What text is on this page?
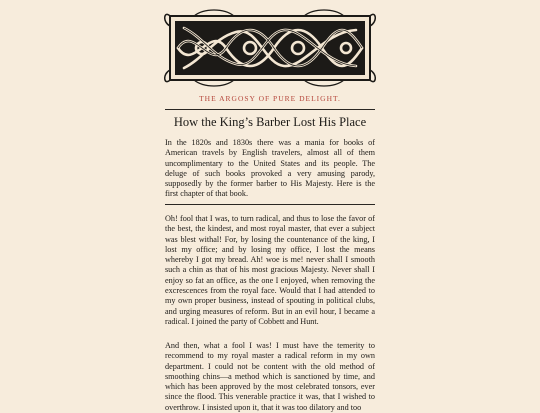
THE ARGOSY OF PURE DELIGHT.
How the King’s Barber Lost His Place

In the 1820s and 1830s there was a mania for books of American travels by English travelers, almost all of them uncomplimentary to the United States and its people. The deluge of such books provoked a very amusing parody, supposedly by the former barber to His Majesty. Here is the first chapter of that book.

Oh! fool that I was, to turn radical, and thus to lose the favor of the best, the kindest, and most royal master, that ever a subject was blest withal! For, by losing the countenance of the king, I lost my office; and by losing my office, I lost the means whereby I got my bread. Ah! woe is me! never shall I smooth such a chin as that of his most gracious Majesty. Never shall I enjoy so fat an office, as the one I enjoyed, when removing the excrescences from the royal face. Would that I had attended to my own proper business, instead of spouting in political clubs, and urging measures of reform. But in an evil hour, I became a radical. I joined the party of Cobbett and Hunt.

And then, what a fool I was! I must have the temerity to recommend to my royal master a radical reform in my own department. I could not be content with the old method of smoothing chins—a method which is sanctioned by time, and which has been approved by the most celebrated tonsors, ever since the flood. This venerable practice it was, that I wished to overthrow. I insisted upon it, that it was too dilatory and too
